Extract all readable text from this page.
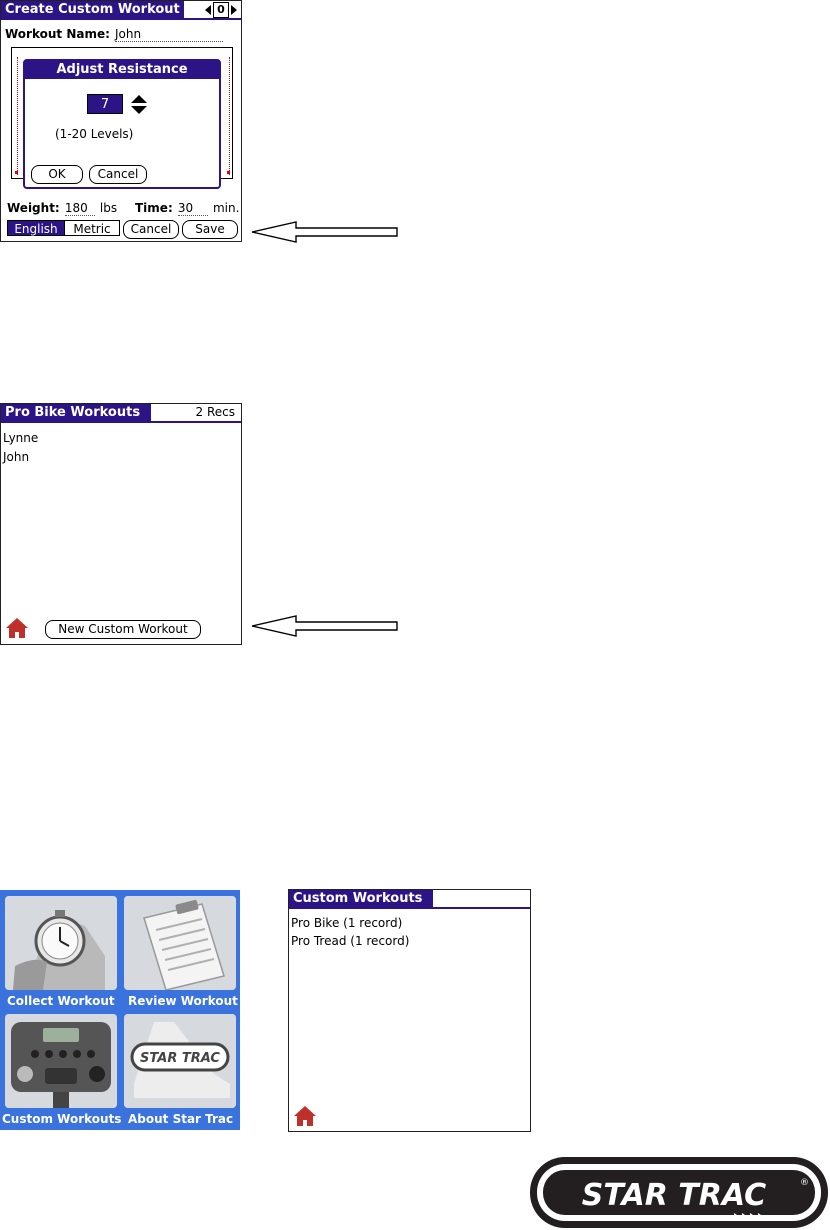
Create Custom Workout	0
Workout Name: John
Adjust Resistance
7
(1-20 Levels)
OK	Cancel
Weight: 180 lbs Time: 30 min.
English	Metric	Cancel	Save
Pro Bike Workouts	2 Recs
Lynne
John
New Custom Workout
Collect Workout Review Workout
Custom Workouts
STAR TRAC
About Star Trac
Custom Workouts
Pro Bike (1 record)
Pro Tread (1 record)
STAR TRAC	®
